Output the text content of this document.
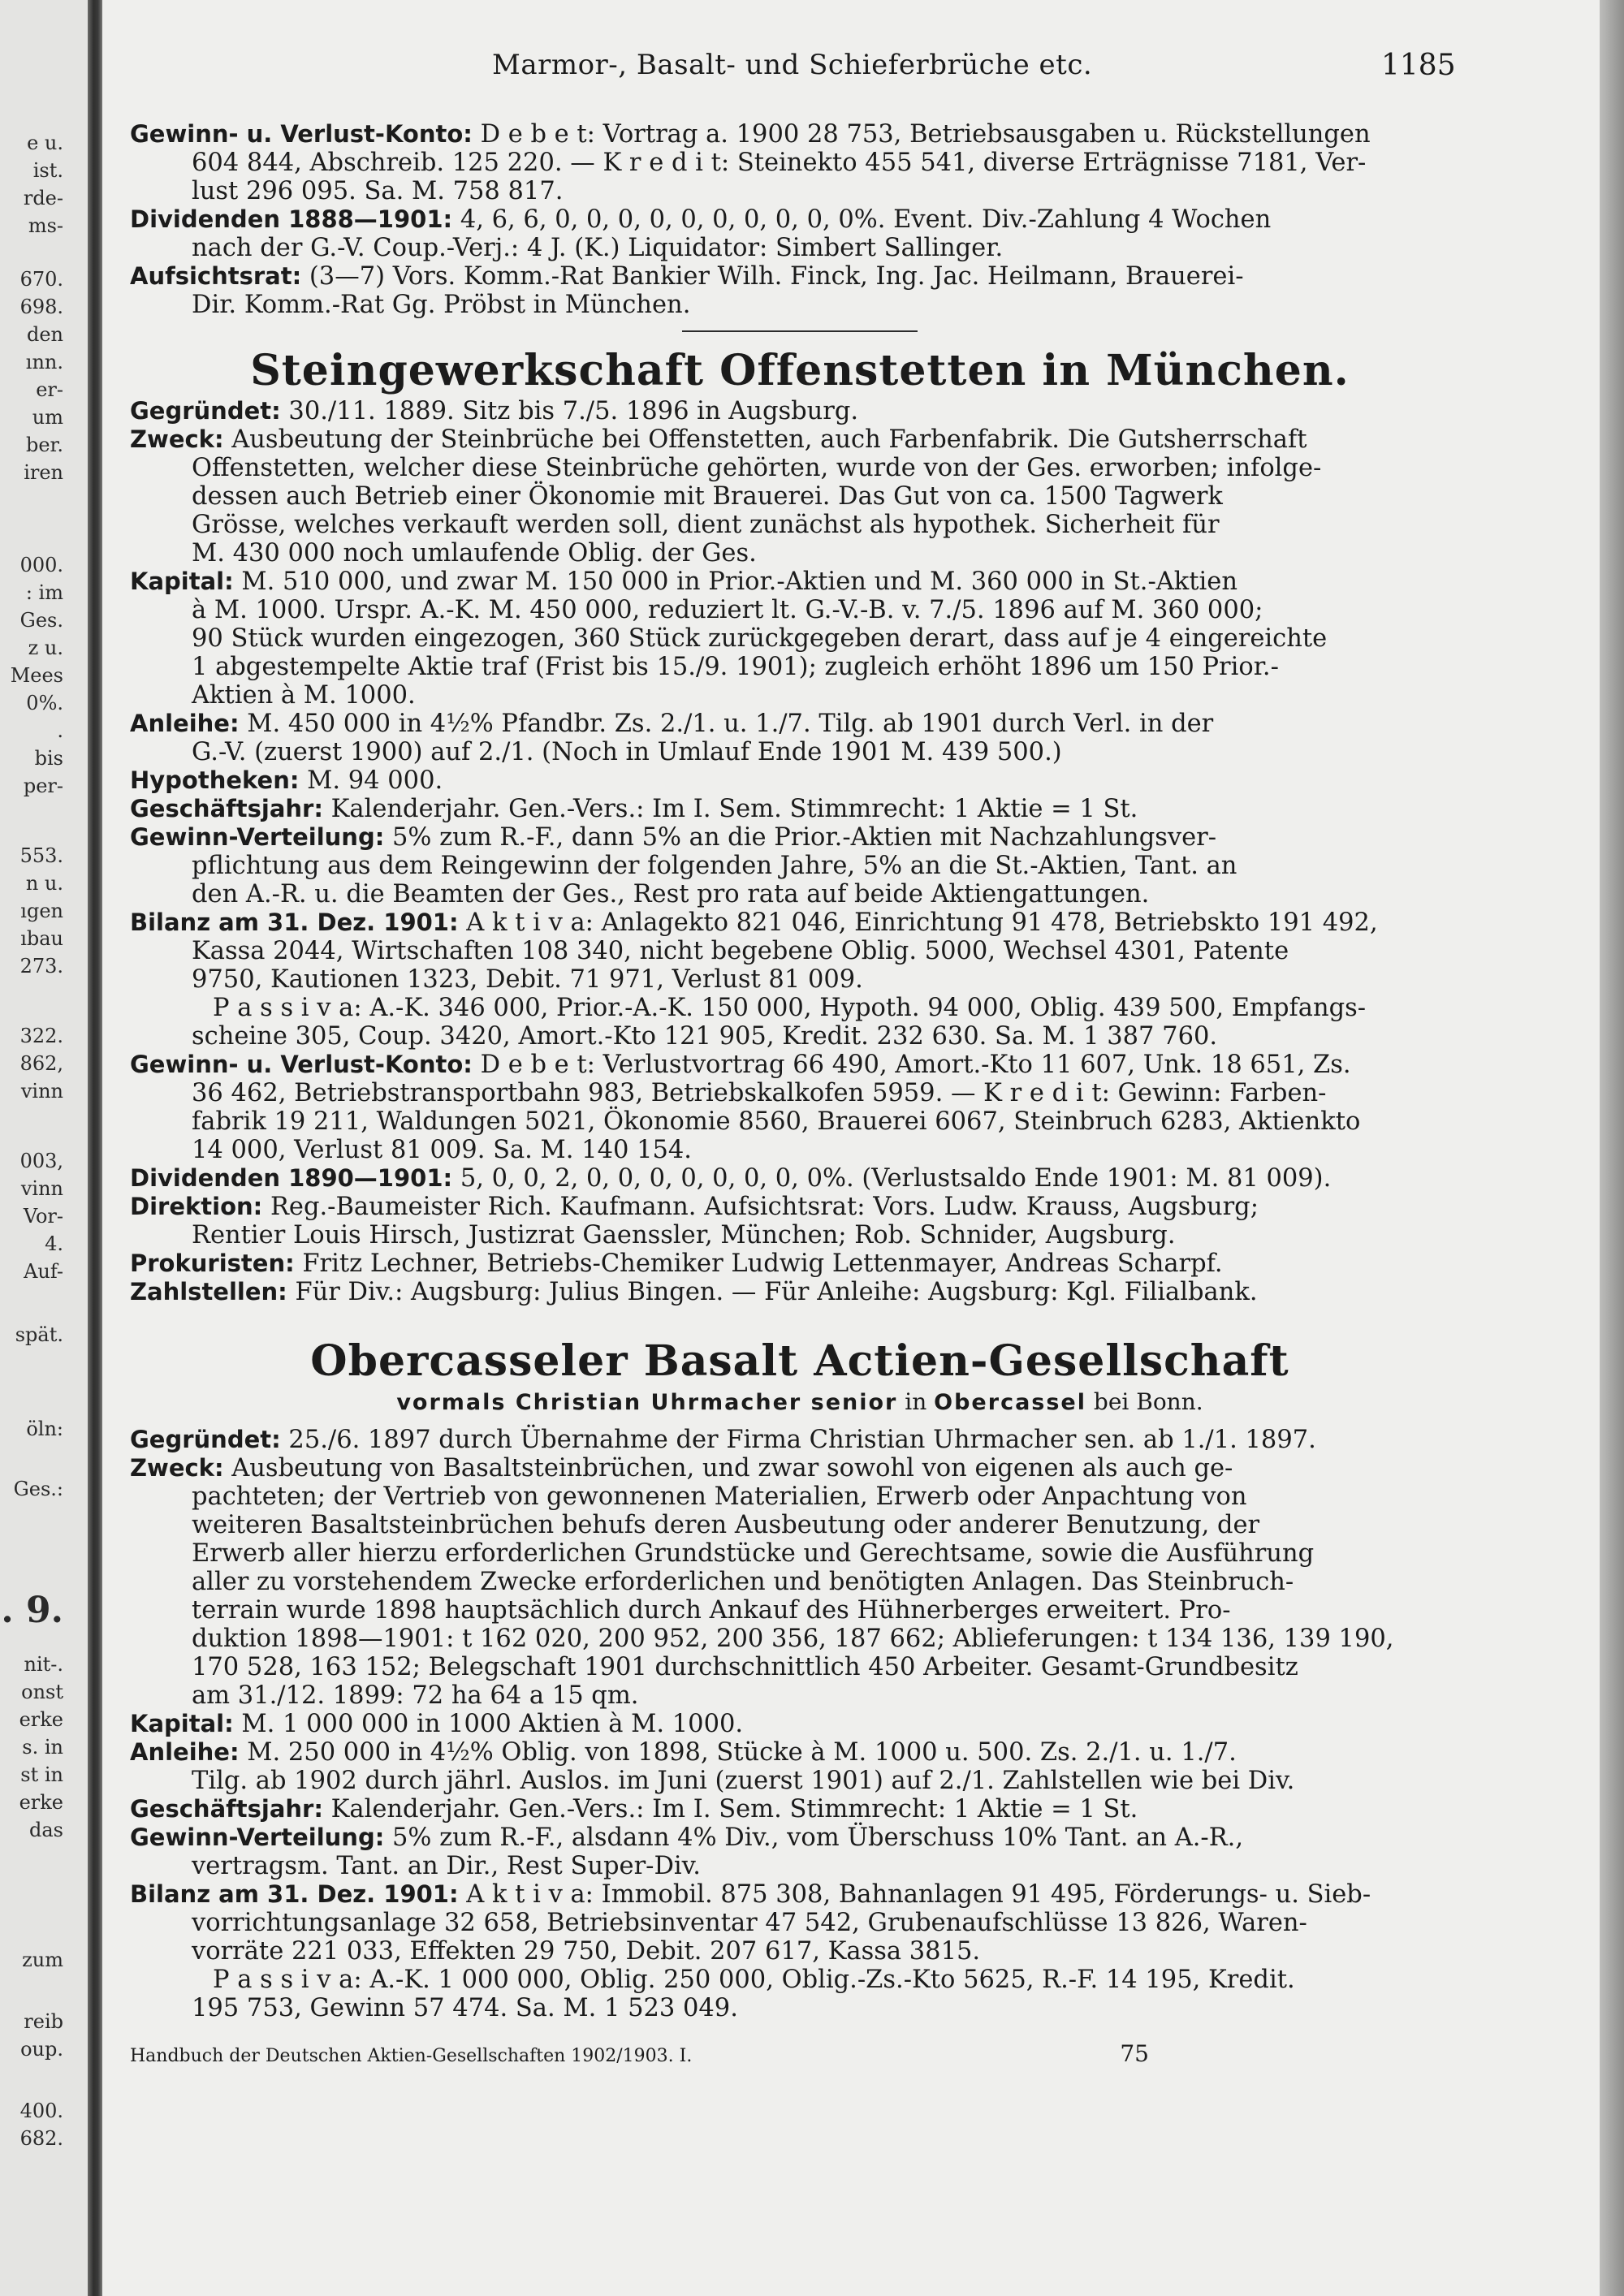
e u.
ist.
rde-
ms-
670.
698.
den
ınn.
er-
um
ber.
iren
000.
: im
Ges.
z u.
Mees
0%.
.
bis
per-
553.
n u.
ıgen
ıbau
273.
322.
862,
vinn
003,
vinn
Vor-
4.
Auf-
spät.
öln:
Ges.:
. 9.
nit-.
onst
erke
s. in
st in
erke
das
zum
reib
oup.
400.
682.
Marmor-, Basalt- und Schieferbrüche etc.	1185
Gewinn- u. Verlust-Konto: D e b e t: Vortrag a. 1900 28 753, Betriebsausgaben u. Rückstellungen
604 844, Abschreib. 125 220. — K r e d i t: Steinekto 455 541, diverse Erträgnisse 7181, Ver-
lust 296 095. Sa. M. 758 817.
Dividenden 1888—1901: 4, 6, 6, 0, 0, 0, 0, 0, 0, 0, 0, 0, 0%. Event. Div.-Zahlung 4 Wochen
nach der G.-V. Coup.-Verj.: 4 J. (K.) Liquidator: Simbert Sallinger.
Aufsichtsrat: (3—7) Vors. Komm.-Rat Bankier Wilh. Finck, Ing. Jac. Heilmann, Brauerei-
Dir. Komm.-Rat Gg. Pröbst in München.
Steingewerkschaft Offenstetten in München.
Gegründet: 30./11. 1889. Sitz bis 7./5. 1896 in Augsburg.
Zweck: Ausbeutung der Steinbrüche bei Offenstetten, auch Farbenfabrik. Die Gutsherrschaft
Offenstetten, welcher diese Steinbrüche gehörten, wurde von der Ges. erworben; infolge-
dessen auch Betrieb einer Ökonomie mit Brauerei. Das Gut von ca. 1500 Tagwerk
Grösse, welches verkauft werden soll, dient zunächst als hypothek. Sicherheit für
M. 430 000 noch umlaufende Oblig. der Ges.
Kapital: M. 510 000, und zwar M. 150 000 in Prior.-Aktien und M. 360 000 in St.-Aktien
à M. 1000. Urspr. A.-K. M. 450 000, reduziert lt. G.-V.-B. v. 7./5. 1896 auf M. 360 000;
90 Stück wurden eingezogen, 360 Stück zurückgegeben derart, dass auf je 4 eingereichte
1 abgestempelte Aktie traf (Frist bis 15./9. 1901); zugleich erhöht 1896 um 150 Prior.-
Aktien à M. 1000.
Anleihe: M. 450 000 in 4½% Pfandbr. Zs. 2./1. u. 1./7. Tilg. ab 1901 durch Verl. in der
G.-V. (zuerst 1900) auf 2./1. (Noch in Umlauf Ende 1901 M. 439 500.)
Hypotheken: M. 94 000.
Geschäftsjahr: Kalenderjahr. Gen.-Vers.: Im I. Sem. Stimmrecht: 1 Aktie = 1 St.
Gewinn-Verteilung: 5% zum R.-F., dann 5% an die Prior.-Aktien mit Nachzahlungsver-
pflichtung aus dem Reingewinn der folgenden Jahre, 5% an die St.-Aktien, Tant. an
den A.-R. u. die Beamten der Ges., Rest pro rata auf beide Aktiengattungen.
Bilanz am 31. Dez. 1901: A k t i v a: Anlagekto 821 046, Einrichtung 91 478, Betriebskto 191 492,
Kassa 2044, Wirtschaften 108 340, nicht begebene Oblig. 5000, Wechsel 4301, Patente
9750, Kautionen 1323, Debit. 71 971, Verlust 81 009.
P a s s i v a: A.-K. 346 000, Prior.-A.-K. 150 000, Hypoth. 94 000, Oblig. 439 500, Empfangs-
scheine 305, Coup. 3420, Amort.-Kto 121 905, Kredit. 232 630. Sa. M. 1 387 760.
Gewinn- u. Verlust-Konto: D e b e t: Verlustvortrag 66 490, Amort.-Kto 11 607, Unk. 18 651, Zs.
36 462, Betriebstransportbahn 983, Betriebskalkofen 5959. — K r e d i t: Gewinn: Farben-
fabrik 19 211, Waldungen 5021, Ökonomie 8560, Brauerei 6067, Steinbruch 6283, Aktienkto
14 000, Verlust 81 009. Sa. M. 140 154.
Dividenden 1890—1901: 5, 0, 0, 2, 0, 0, 0, 0, 0, 0, 0, 0%. (Verlustsaldo Ende 1901: M. 81 009).
Direktion: Reg.-Baumeister Rich. Kaufmann. Aufsichtsrat: Vors. Ludw. Krauss, Augsburg;
Rentier Louis Hirsch, Justizrat Gaenssler, München; Rob. Schnider, Augsburg.
Prokuristen: Fritz Lechner, Betriebs-Chemiker Ludwig Lettenmayer, Andreas Scharpf.
Zahlstellen: Für Div.: Augsburg: Julius Bingen. — Für Anleihe: Augsburg: Kgl. Filialbank.
Obercasseler Basalt Actien-Gesellschaft
vormals Christian Uhrmacher senior in Obercassel bei Bonn.
Gegründet: 25./6. 1897 durch Übernahme der Firma Christian Uhrmacher sen. ab 1./1. 1897.
Zweck: Ausbeutung von Basaltsteinbrüchen, und zwar sowohl von eigenen als auch ge-
pachteten; der Vertrieb von gewonnenen Materialien, Erwerb oder Anpachtung von
weiteren Basaltsteinbrüchen behufs deren Ausbeutung oder anderer Benutzung, der
Erwerb aller hierzu erforderlichen Grundstücke und Gerechtsame, sowie die Ausführung
aller zu vorstehendem Zwecke erforderlichen und benötigten Anlagen. Das Steinbruch-
terrain wurde 1898 hauptsächlich durch Ankauf des Hühnerberges erweitert. Pro-
duktion 1898—1901: t 162 020, 200 952, 200 356, 187 662; Ablieferungen: t 134 136, 139 190,
170 528, 163 152; Belegschaft 1901 durchschnittlich 450 Arbeiter. Gesamt-Grundbesitz
am 31./12. 1899: 72 ha 64 a 15 qm.
Kapital: M. 1 000 000 in 1000 Aktien à M. 1000.
Anleihe: M. 250 000 in 4½% Oblig. von 1898, Stücke à M. 1000 u. 500. Zs. 2./1. u. 1./7.
Tilg. ab 1902 durch jährl. Auslos. im Juni (zuerst 1901) auf 2./1. Zahlstellen wie bei Div.
Geschäftsjahr: Kalenderjahr. Gen.-Vers.: Im I. Sem. Stimmrecht: 1 Aktie = 1 St.
Gewinn-Verteilung: 5% zum R.-F., alsdann 4% Div., vom Überschuss 10% Tant. an A.-R.,
vertragsm. Tant. an Dir., Rest Super-Div.
Bilanz am 31. Dez. 1901: A k t i v a: Immobil. 875 308, Bahnanlagen 91 495, Förderungs- u. Sieb-
vorrichtungsanlage 32 658, Betriebsinventar 47 542, Grubenaufschlüsse 13 826, Waren-
vorräte 221 033, Effekten 29 750, Debit. 207 617, Kassa 3815.
P a s s i v a: A.-K. 1 000 000, Oblig. 250 000, Oblig.-Zs.-Kto 5625, R.-F. 14 195, Kredit.
195 753, Gewinn 57 474. Sa. M. 1 523 049.
Handbuch der Deutschen Aktien-Gesellschaften 1902/1903. I.	75
